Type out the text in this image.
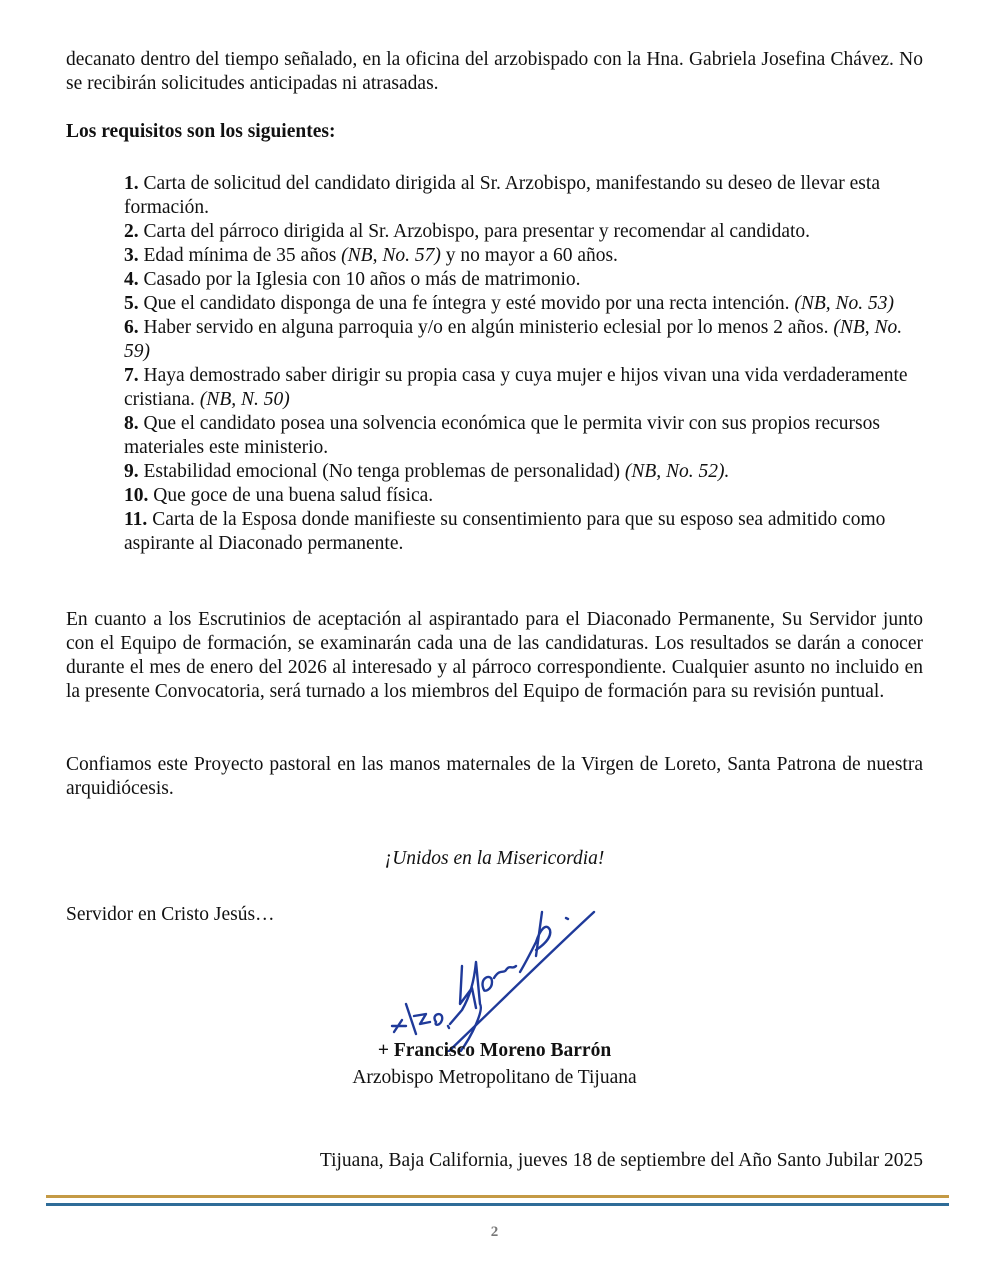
decanato dentro del tiempo señalado, en la oficina del arzobispado con la Hna. Gabriela Josefina Chávez. No se recibirán solicitudes anticipadas ni atrasadas.

Los requisitos son los siguientes:

1. Carta de solicitud del candidato dirigida al Sr. Arzobispo, manifestando su deseo de llevar esta formación.
2. Carta del párroco dirigida al Sr. Arzobispo, para presentar y recomendar al candidato.
3. Edad mínima de 35 años (NB, No. 57) y no mayor a 60 años.
4. Casado por la Iglesia con 10 años o más de matrimonio.
5. Que el candidato disponga de una fe íntegra y esté movido por una recta intención. (NB, No. 53)
6. Haber servido en alguna parroquia y/o en algún ministerio eclesial por lo menos 2 años. (NB, No. 59)
7. Haya demostrado saber dirigir su propia casa y cuya mujer e hijos vivan una vida verdaderamente cristiana. (NB, N. 50)
8. Que el candidato posea una solvencia económica que le permita vivir con sus propios recursos materiales este ministerio.
9. Estabilidad emocional (No tenga problemas de personalidad) (NB, No. 52).
10. Que goce de una buena salud física.
11. Carta de la Esposa donde manifieste su consentimiento para que su esposo sea admitido como aspirante al Diaconado permanente.

En cuanto a los Escrutinios de aceptación al aspirantado para el Diaconado Permanente, Su Servidor junto con el Equipo de formación, se examinarán cada una de las candidaturas. Los resultados se darán a conocer durante el mes de enero del 2026 al interesado y al párroco correspondiente. Cualquier asunto no incluido en la presente Convocatoria, será turnado a los miembros del Equipo de formación para su revisión puntual.

Confiamos este Proyecto pastoral en las manos maternales de la Virgen de Loreto, Santa Patrona de nuestra arquidiócesis.

¡Unidos en la Misericordia!

Servidor en Cristo Jesús…

+ Francisco Moreno Barrón

Arzobispo Metropolitano de Tijuana

Tijuana, Baja California, jueves 18 de septiembre del Año Santo Jubilar 2025

2
